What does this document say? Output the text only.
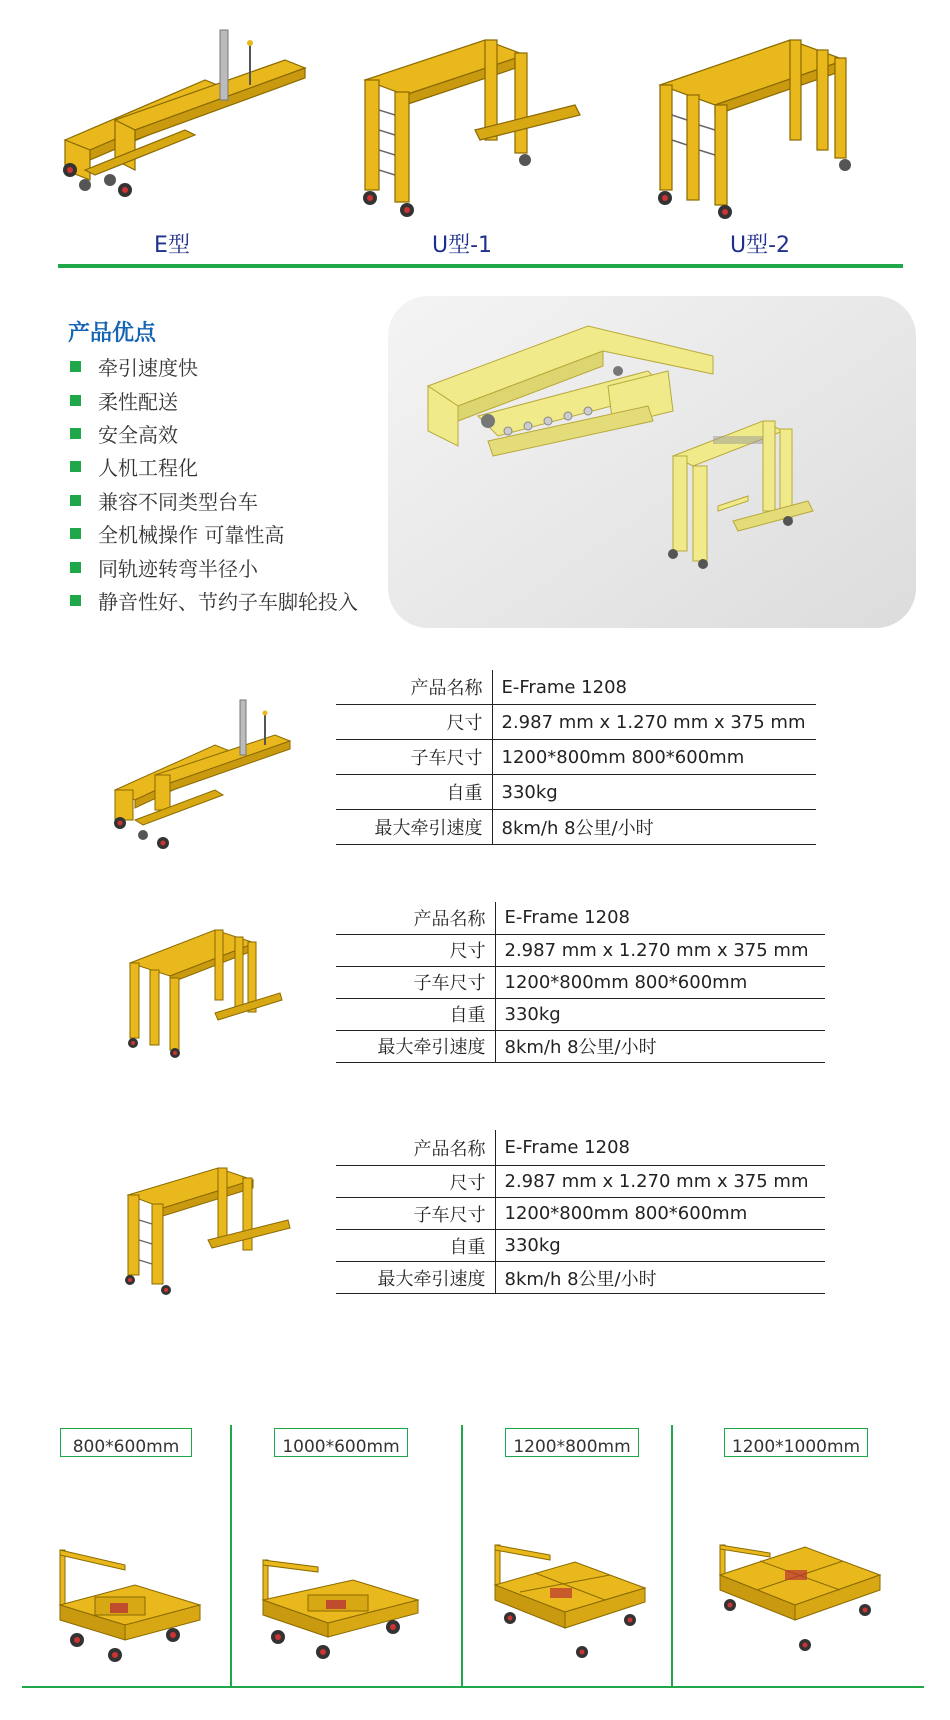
E型	U型-1	U型-2
产品优点
牵引速度快
柔性配送
安全高效
人机工程化
兼容不同类型台车
全机械操作 可靠性高
同轨迹转弯半径小
静音性好、节约子车脚轮投入
产品名称	E-Frame 1208
尺寸	2.987 mm x 1.270 mm x 375 mm
子车尺寸	1200*800mm 800*600mm
自重	330kg
最大牵引速度	8km/h 8公里/小时
产品名称	E-Frame 1208
尺寸	2.987 mm x 1.270 mm x 375 mm
子车尺寸	1200*800mm 800*600mm
自重	330kg
最大牵引速度	8km/h 8公里/小时
产品名称	E-Frame 1208
尺寸	2.987 mm x 1.270 mm x 375 mm
子车尺寸	1200*800mm 800*600mm
自重	330kg
最大牵引速度	8km/h 8公里/小时
800*600mm	1000*600mm	1200*800mm	1200*1000mm
